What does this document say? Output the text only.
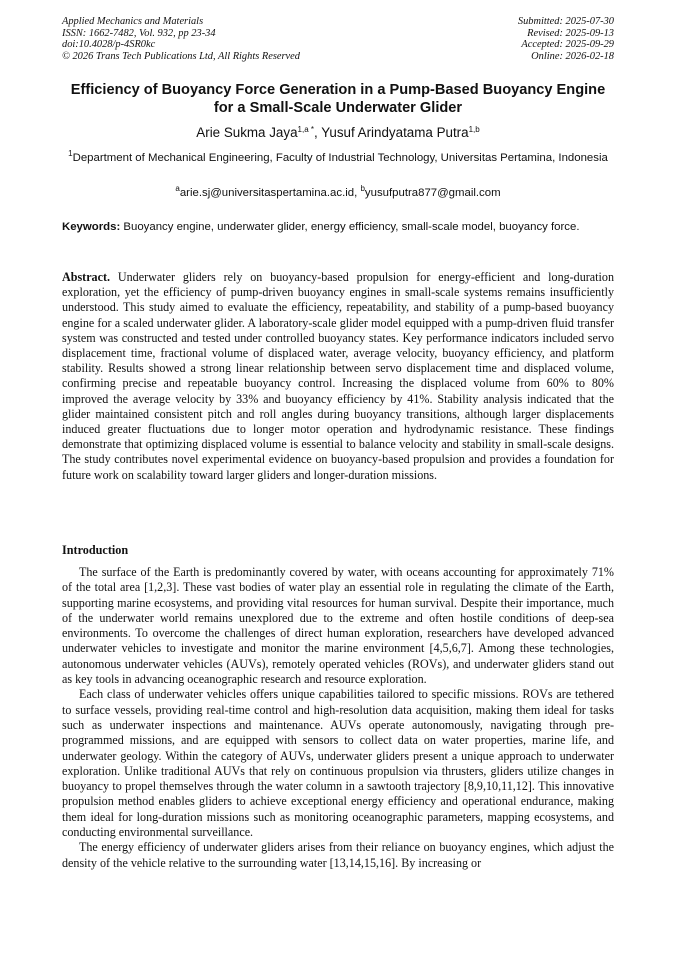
Applied Mechanics and Materials
ISSN: 1662-7482, Vol. 932, pp 23-34
doi:10.4028/p-4SR0kc
© 2026 Trans Tech Publications Ltd, All Rights Reserved
Submitted: 2025-07-30
Revised: 2025-09-13
Accepted: 2025-09-29
Online: 2026-02-18
Efficiency of Buoyancy Force Generation in a Pump-Based Buoyancy Engine for a Small-Scale Underwater Glider
Arie Sukma Jaya$^{1,a *}$, Yusuf Arindyatama Putra$^{1,b}$
$^1$Department of Mechanical Engineering, Faculty of Industrial Technology, Universitas Pertamina, Indonesia
$^a$arie.sj@universitaspertamina.ac.id, $^b$yusufputra877@gmail.com
Keywords: Buoyancy engine, underwater glider, energy efficiency, small-scale model, buoyancy force.
Abstract. Underwater gliders rely on buoyancy-based propulsion for energy-efficient and long-duration exploration, yet the efficiency of pump-driven buoyancy engines in small-scale systems remains insufficiently understood. This study aimed to evaluate the efficiency, repeatability, and stability of a pump-based buoyancy engine for a scaled underwater glider. A laboratory-scale glider model equipped with a pump-driven fluid transfer system was constructed and tested under controlled buoyancy states. Key performance indicators included servo displacement time, fractional volume of displaced water, average velocity, buoyancy efficiency, and platform stability. Results showed a strong linear relationship between servo displacement time and displaced volume, confirming precise and repeatable buoyancy control. Increasing the displaced volume from 60% to 80% improved the average velocity by 33% and buoyancy efficiency by 41%. Stability analysis indicated that the glider maintained consistent pitch and roll angles during buoyancy transitions, although larger displacements induced greater fluctuations due to longer motor operation and hydrodynamic resistance. These findings demonstrate that optimizing displaced volume is essential to balance velocity and stability in small-scale designs. The study contributes novel experimental evidence on buoyancy-based propulsion and provides a foundation for future work on scalability toward larger gliders and longer-duration missions.
Introduction

The surface of the Earth is predominantly covered by water, with oceans accounting for approximately 71% of the total area [1,2,3]. These vast bodies of water play an essential role in regulating the climate of the Earth, supporting marine ecosystems, and providing vital resources for human survival. Despite their importance, much of the underwater world remains unexplored due to the extreme and often hostile conditions of deep-sea environments. To overcome the challenges of direct human exploration, researchers have developed advanced underwater vehicles to investigate and monitor the marine environment [4,5,6,7]. Among these technologies, autonomous underwater vehicles (AUVs), remotely operated vehicles (ROVs), and underwater gliders stand out as key tools in advancing oceanographic research and resource exploration.

Each class of underwater vehicles offers unique capabilities tailored to specific missions. ROVs are tethered to surface vessels, providing real-time control and high-resolution data acquisition, making them ideal for tasks such as underwater inspections and maintenance. AUVs operate autonomously, navigating through pre-programmed missions, and are equipped with sensors to collect data on water properties, marine life, and underwater geology. Within the category of AUVs, underwater gliders present a unique approach to underwater exploration. Unlike traditional AUVs that rely on continuous propulsion via thrusters, gliders utilize changes in buoyancy to propel themselves through the water column in a sawtooth trajectory [8,9,10,11,12]. This innovative propulsion method enables gliders to achieve exceptional energy efficiency and operational endurance, making them ideal for long-duration missions such as monitoring oceanographic parameters, mapping ecosystems, and conducting environmental surveillance.

The energy efficiency of underwater gliders arises from their reliance on buoyancy engines, which adjust the density of the vehicle relative to the surrounding water [13,14,15,16]. By increasing or
